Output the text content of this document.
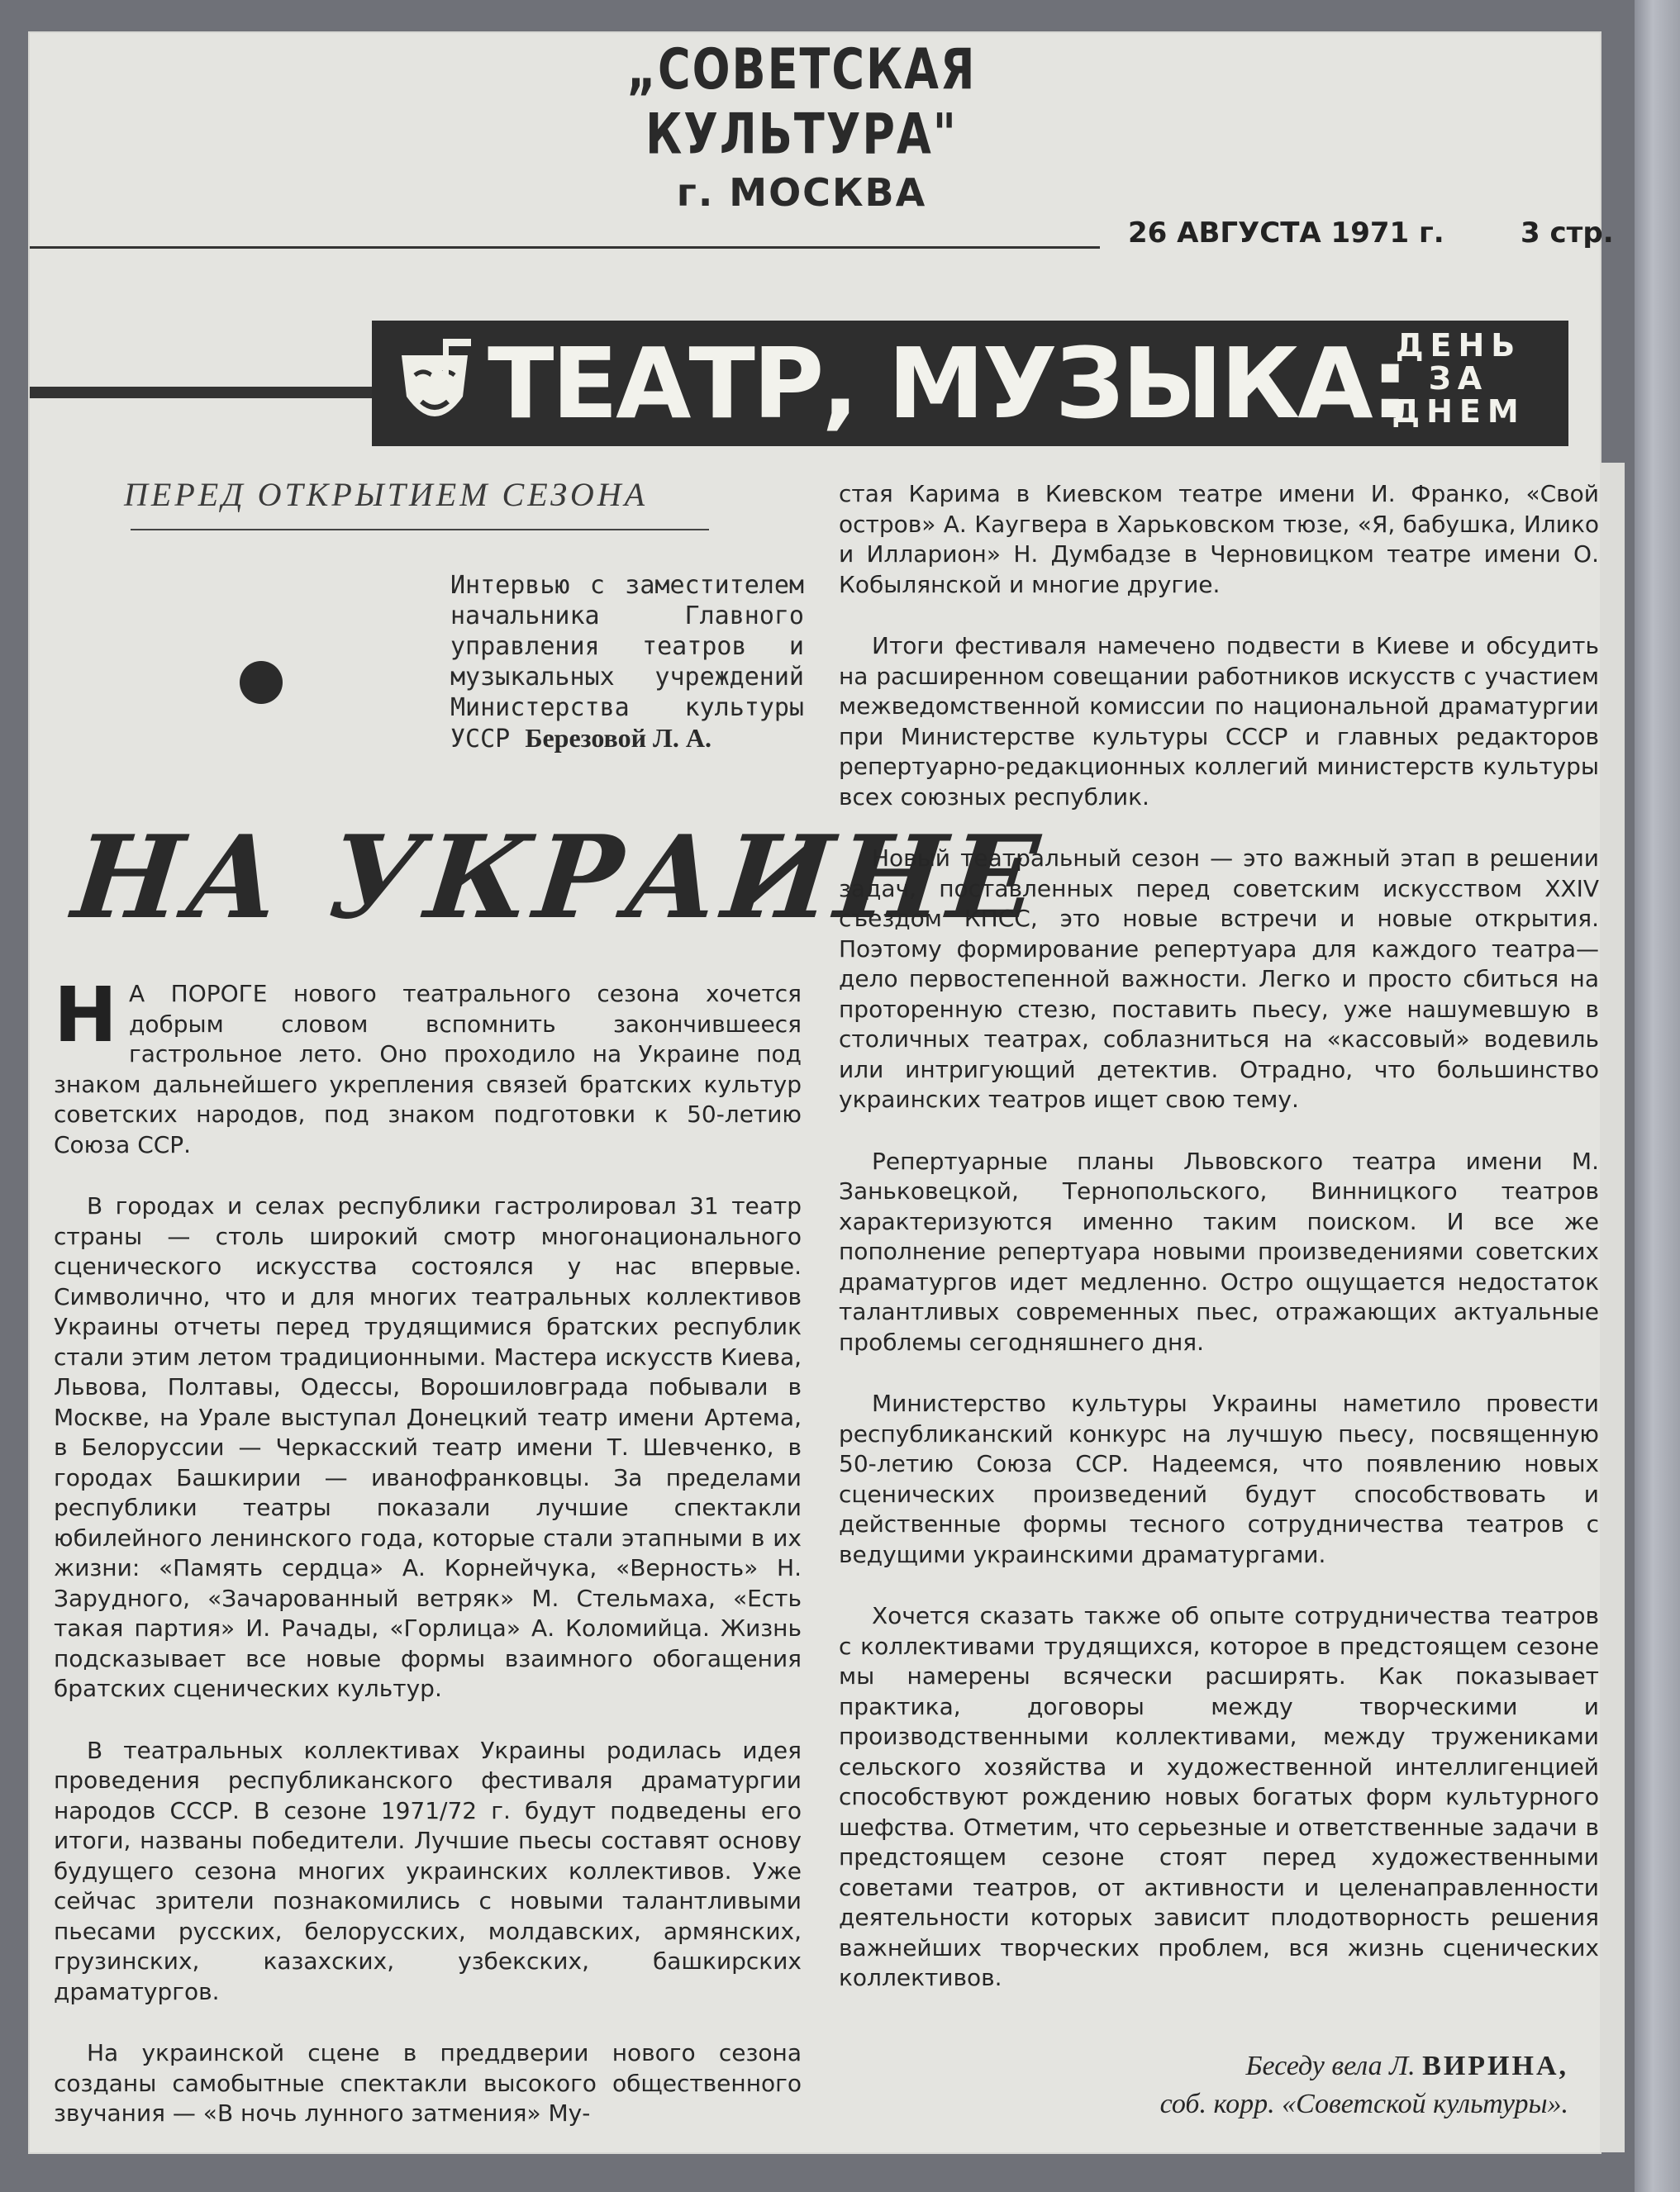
„СОВЕТСКАЯ КУЛЬТУРА"
г. МОСКВА
26 АВГУСТА 1971 г.	3 стр.
ТЕАТР, МУЗЫКА:
ДЕНЬ
ЗА
ДНЕМ
ПЕРЕД ОТКРЫТИЕМ СЕЗОНА
Интервью с заместителем начальника Главного управления театров и музыкальных учреждений Министерства культуры УССР Березовой Л. А.
НА УКРАИНЕ

Н А ПОРОГЕ нового театрального сезона хочется добрым словом вспомнить закончившееся гастрольное лето. Оно проходило на Украине под знаком дальнейшего укрепления связей братских культур советских народов, под знаком подготовки к 50-летию Союза ССР.

В городах и селах республики гастролировал 31 театр страны — столь широкий смотр многонационального сценического искусства состоялся у нас впервые. Символично, что и для многих театральных коллективов Украины отчеты перед трудящимися братских республик стали этим летом традиционными. Мастера искусств Киева, Львова, Полтавы, Одессы, Ворошиловграда побывали в Москве, на Урале выступал Донецкий театр имени Артема, в Белоруссии — Черкасский театр имени Т. Шевченко, в городах Башкирии — иванофранковцы. За пределами республики театры показали лучшие спектакли юбилейного ленинского года, которые стали этапными в их жизни: «Память сердца» А. Корнейчука, «Верность» Н. Зарудного, «Зачарованный ветряк» М. Стельмаха, «Есть такая партия» И. Рачады, «Горлица» А. Коломийца. Жизнь подсказывает все новые формы взаимного обогащения братских сценических культур.

В театральных коллективах Украины родилась идея проведения республиканского фестиваля драматургии народов СССР. В сезоне 1971/72 г. будут подведены его итоги, названы победители. Лучшие пьесы составят основу будущего сезона многих украинских коллективов. Уже сейчас зрители познакомились с новыми талантливыми пьесами русских, белорусских, молдавских, армянских, грузинских, казахских, узбекских, башкирских драматургов.

На украинской сцене в преддверии нового сезона созданы самобытные спектакли высокого общественного звучания — «В ночь лунного затмения» Му-

стая Карима в Киевском театре имени И. Франко, «Свой остров» А. Каугвера в Харьковском тюзе, «Я, бабушка, Илико и Илларион» Н. Думбадзе в Черновицком театре имени О. Кобылянской и многие другие.

Итоги фестиваля намечено подвести в Киеве и обсудить на расширенном совещании работников искусств с участием межведомственной комиссии по национальной драматургии при Министерстве культуры СССР и главных редакторов репертуарно-редакционных коллегий министерств культуры всех союзных республик.

Новый театральный сезон — это важный этап в решении задач, поставленных перед советским искусством XXIV съездом КПСС, это новые встречи и новые открытия. Поэтому формирование репертуара для каждого театра—дело первостепенной важности. Легко и просто сбиться на проторенную стезю, поставить пьесу, уже нашумевшую в столичных театрах, соблазниться на «кассовый» водевиль или интригующий детектив. Отрадно, что большинство украинских театров ищет свою тему.

Репертуарные планы Львовского театра имени М. Заньковецкой, Тернопольского, Винницкого театров характеризуются именно таким поиском. И все же пополнение репертуара новыми произведениями советских драматургов идет медленно. Остро ощущается недостаток талантливых современных пьес, отражающих актуальные проблемы сегодняшнего дня.

Министерство культуры Украины наметило провести республиканский конкурс на лучшую пьесу, посвященную 50-летию Союза ССР. Надеемся, что появлению новых сценических произведений будут способствовать и действенные формы тесного сотрудничества театров с ведущими украинскими драматургами.

Хочется сказать также об опыте сотрудничества театров с коллективами трудящихся, которое в предстоящем сезоне мы намерены всячески расширять. Как показывает практика, договоры между творческими и производственными коллективами, между тружениками сельского хозяйства и художественной интеллигенцией способствуют рождению новых богатых форм культурного шефства. Отметим, что серьезные и ответственные задачи в предстоящем сезоне стоят перед художественными советами театров, от активности и целенаправленности деятельности которых зависит плодотворность решения важнейших творческих проблем, вся жизнь сценических коллективов.

Беседу вела Л. ВИРИНА,
соб. корр. «Советской культуры».
